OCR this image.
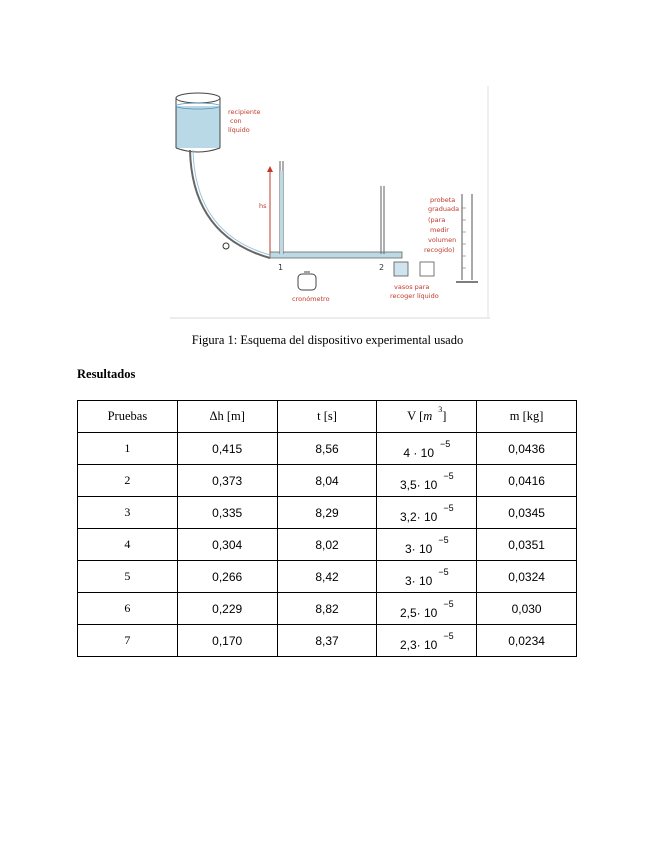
recipiente
con
líquido
hs
1	2
vasos para
recoger líquido
cronómetro
probeta
graduada
(para
medir
volumen
recogido)
Figura 1: Esquema del dispositivo experimental usado
Resultados
Pruebas	Δh [m]	t [s]	V [m $^3$]	m [kg]
1	0,415	8,56	$4 \cdot 10^{-5}$	0,0436
2	0,373	8,04	$3,5\cdot 10^{-5}$	0,0416
3	0,335	8,29	$3,2\cdot 10^{-5}$	0,0345
4	0,304	8,02	$3\cdot 10^{-5}$	0,0351
5	0,266	8,42	$3\cdot 10^{-5}$	0,0324
6	0,229	8,82	$2,5\cdot 10^{-5}$	0,030
7	0,170	8,37	$2,3\cdot 10^{-5}$	0,0234
